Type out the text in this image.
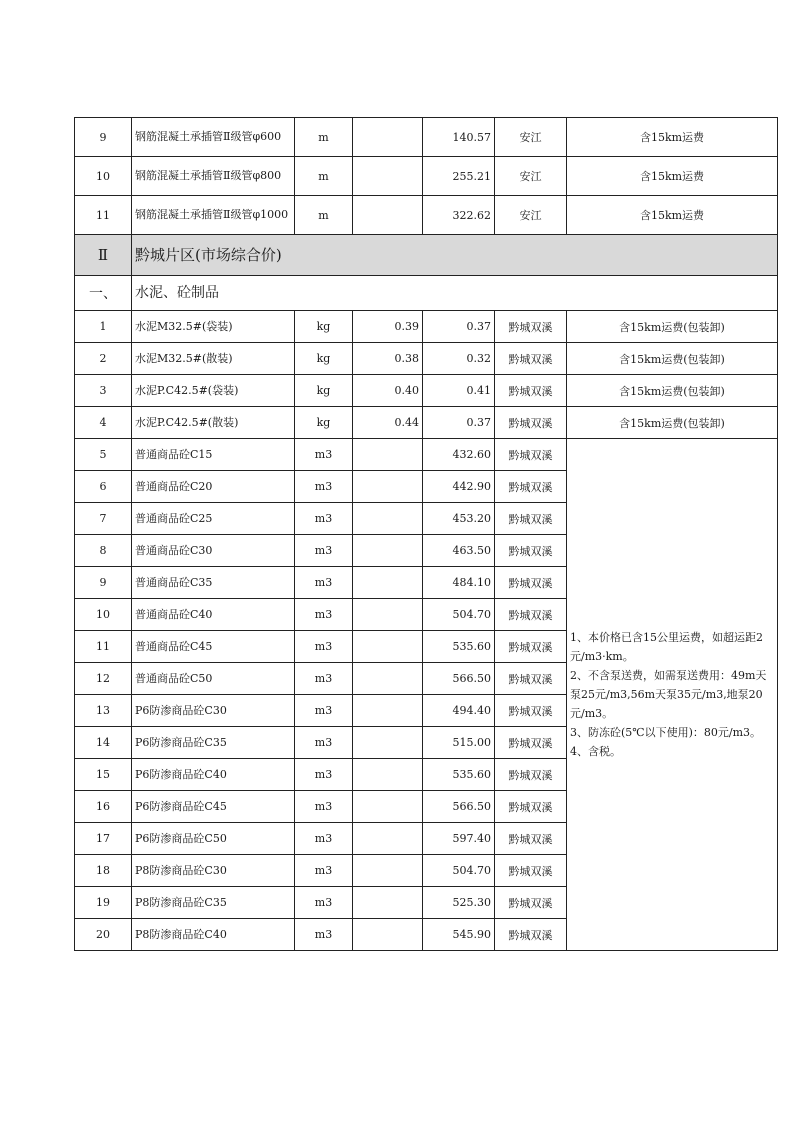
9	钢筋混凝土承插管Ⅱ级管φ600	m		140.57	安江	含15km运费
10	钢筋混凝土承插管Ⅱ级管φ800	m		255.21	安江	含15km运费
11	钢筋混凝土承插管Ⅱ级管φ1000	m		322.62	安江	含15km运费
Ⅱ	黔城片区(市场综合价)					
一、	水泥、砼制品					
1	水泥M32.5#(袋装)	kg	0.39	0.37	黔城双溪	含15km运费(包装卸)
2	水泥M32.5#(散装)	kg	0.38	0.32	黔城双溪	含15km运费(包装卸)
3	水泥P.C42.5#(袋装)	kg	0.40	0.41	黔城双溪	含15km运费(包装卸)
4	水泥P.C42.5#(散装)	kg	0.44	0.37	黔城双溪	含15km运费(包装卸)
5	普通商品砼C15	m3		432.60	黔城双溪	1、本价格已含15公里运费，如超运距2元/m3·km。
2、不含泵送费，如需泵送费用：49m天泵25元/m3,56m天泵35元/m3,地泵20元/m3。
3、防冻砼(5℃以下使用)：80元/m3。
4、含税。

6	普通商品砼C20	m3		442.90	黔城双溪	
7	普通商品砼C25	m3		453.20	黔城双溪	
8	普通商品砼C30	m3		463.50	黔城双溪	
9	普通商品砼C35	m3		484.10	黔城双溪	
10	普通商品砼C40	m3		504.70	黔城双溪	
11	普通商品砼C45	m3		535.60	黔城双溪	
12	普通商品砼C50	m3		566.50	黔城双溪	
13	P6防渗商品砼C30	m3		494.40	黔城双溪	
14	P6防渗商品砼C35	m3		515.00	黔城双溪	
15	P6防渗商品砼C40	m3		535.60	黔城双溪	
16	P6防渗商品砼C45	m3		566.50	黔城双溪	
17	P6防渗商品砼C50	m3		597.40	黔城双溪	
18	P8防渗商品砼C30	m3		504.70	黔城双溪	
19	P8防渗商品砼C35	m3		525.30	黔城双溪	
20	P8防渗商品砼C40	m3		545.90	黔城双溪	
